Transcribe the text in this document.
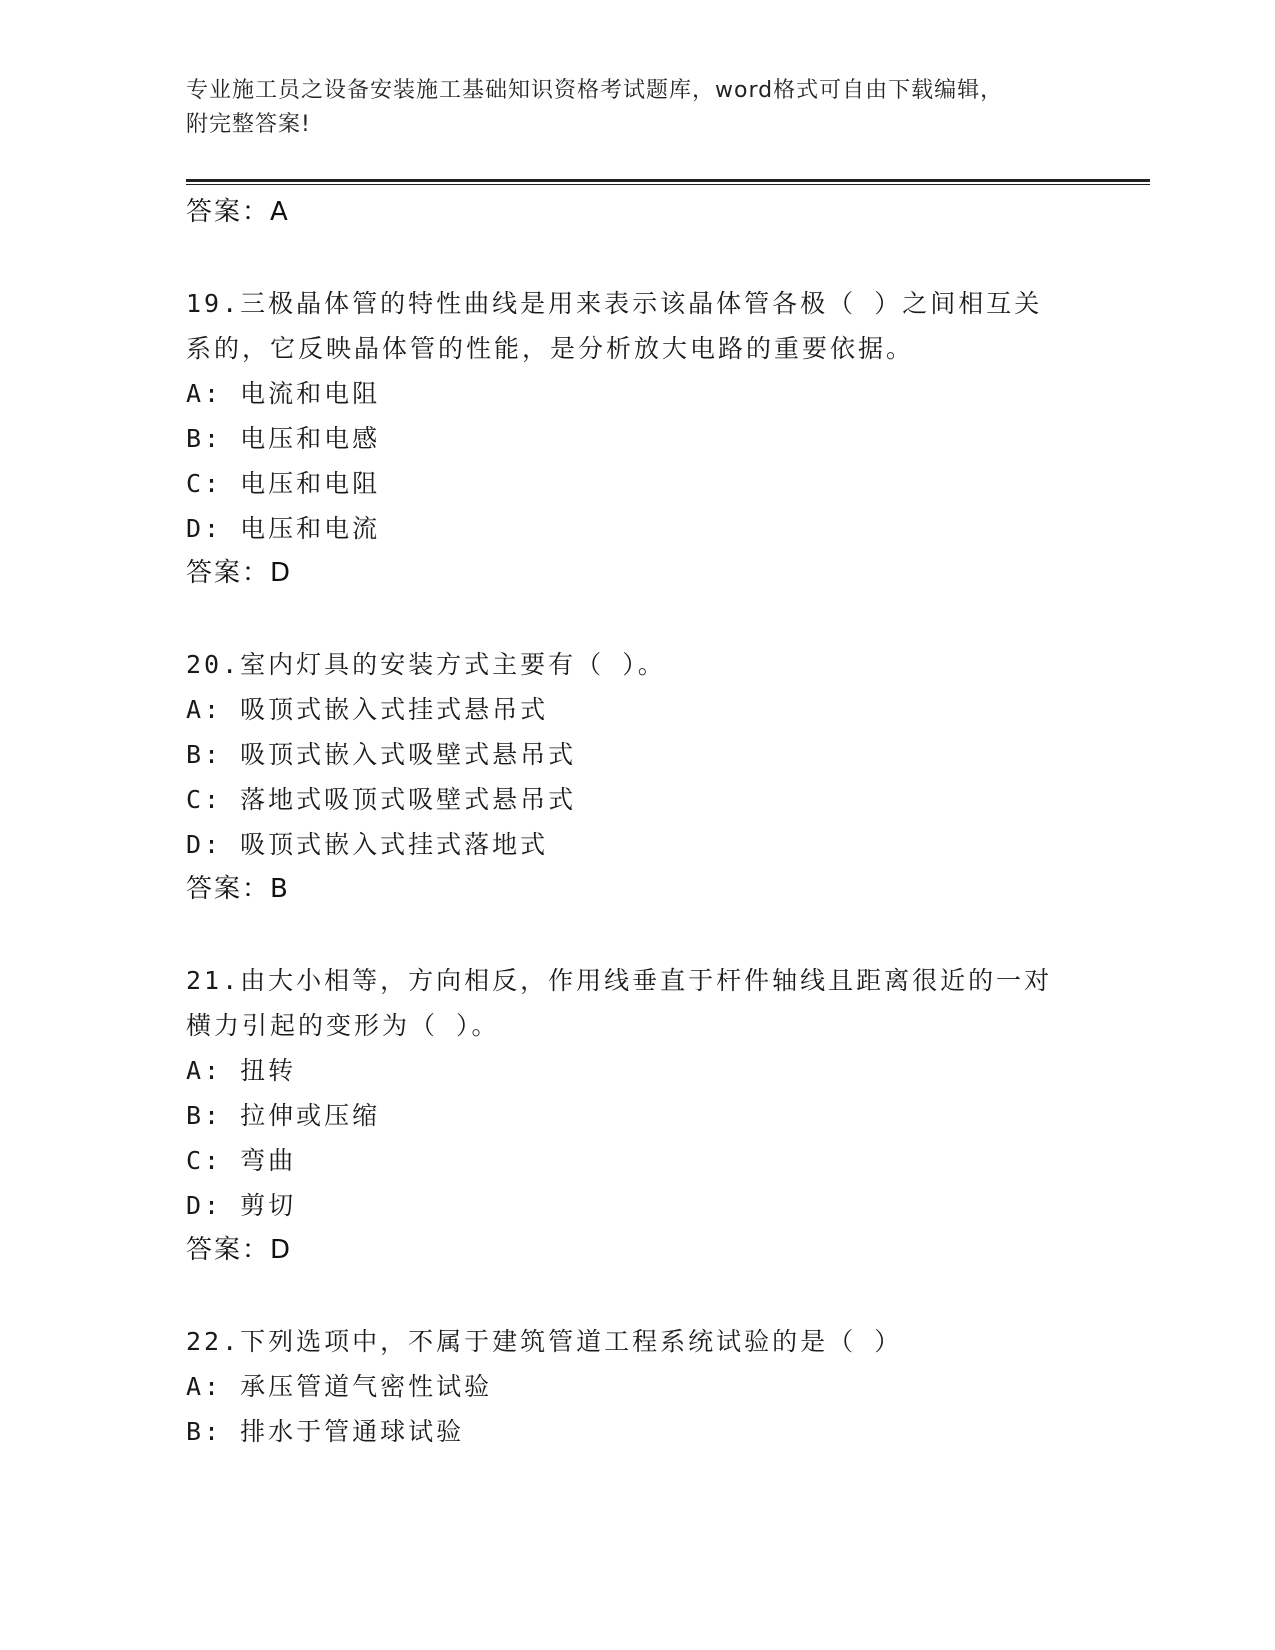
专业施工员之设备安装施工基础知识资格考试题库，word格式可自由下载编辑，
附完整答案!
答案：A
19.三极晶体管的特性曲线是用来表示该晶体管各极（ ）之间相互关
系的，它反映晶体管的性能，是分析放大电路的重要依据。
A: 电流和电阻
B: 电压和电感
C: 电压和电阻
D: 电压和电流
答案：D
20.室内灯具的安装方式主要有（ ）。
A: 吸顶式嵌入式挂式悬吊式
B: 吸顶式嵌入式吸壁式悬吊式
C: 落地式吸顶式吸壁式悬吊式
D: 吸顶式嵌入式挂式落地式
答案：B
21.由大小相等，方向相反，作用线垂直于杆件轴线且距离很近的一对
横力引起的变形为（ ）。
A: 扭转
B: 拉伸或压缩
C: 弯曲
D: 剪切
答案：D
22.下列选项中，不属于建筑管道工程系统试验的是（ ）
A: 承压管道气密性试验
B: 排水于管通球试验
